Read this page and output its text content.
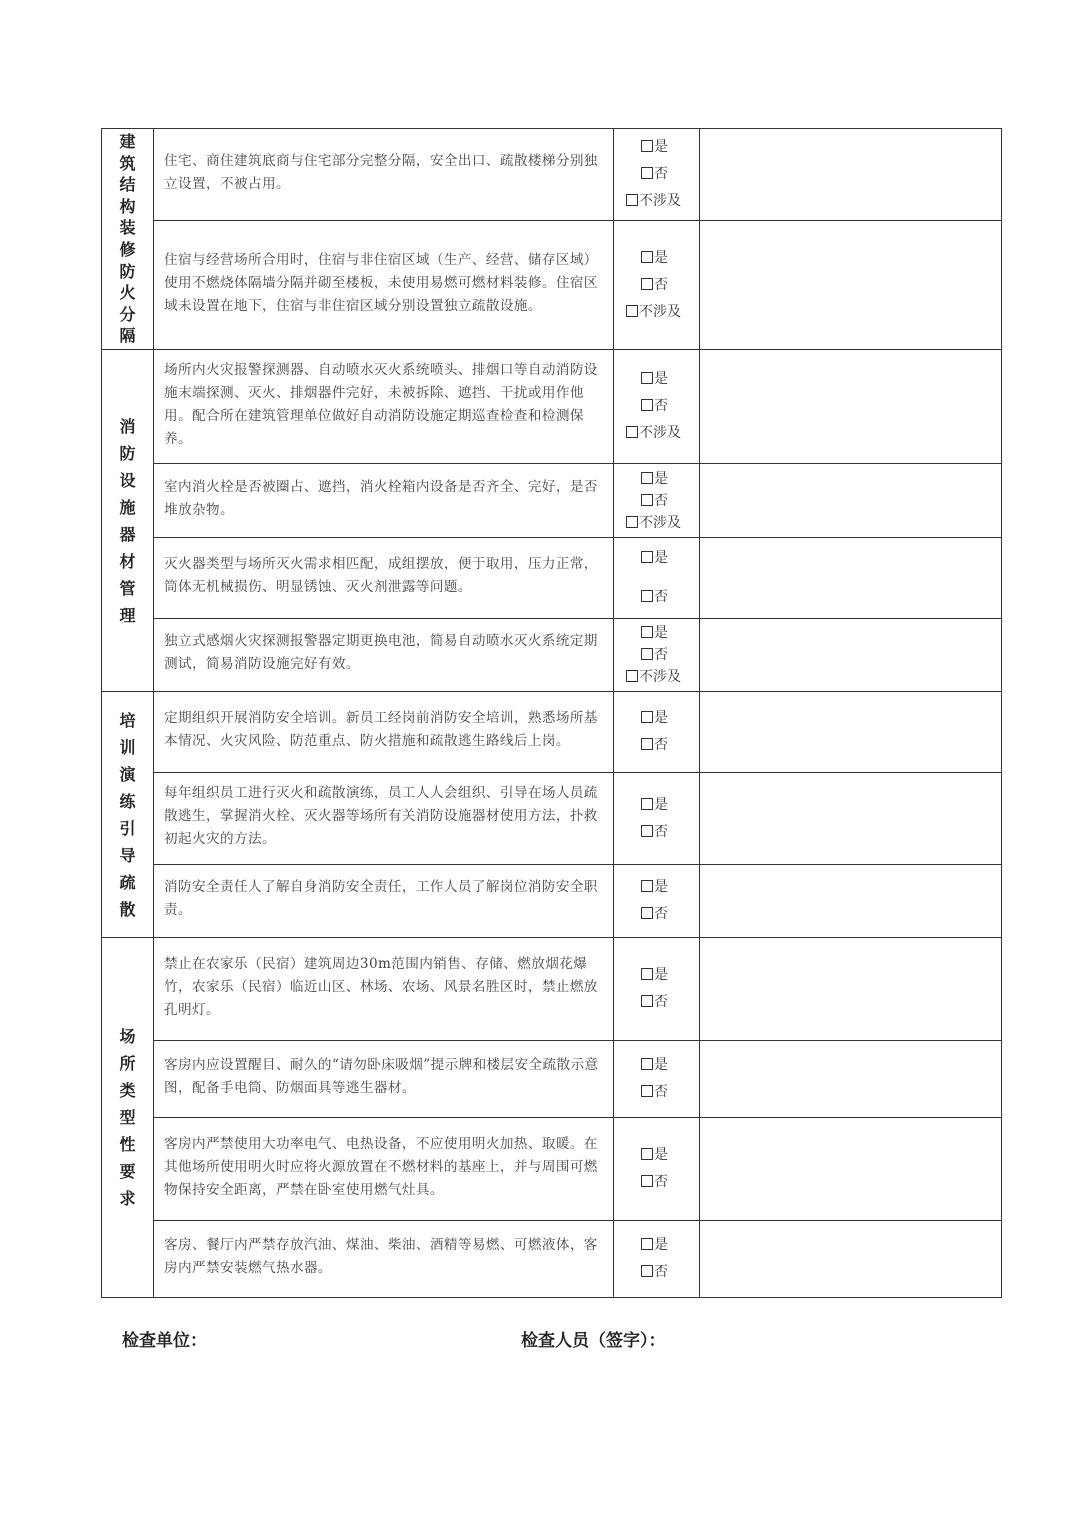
建筑结构装修防火分隔	住宅、商住建筑底商与住宅部分完整分隔，安全出口、疏散楼梯分别独立设置，不被占用。	是
否
不涉及	

	住宿与经营场所合用时，住宿与非住宿区域（生产、经营、储存区域）使用不燃烧体隔墙分隔并砌至楼板，未使用易燃可燃材料装修。住宿区域未设置在地下，住宿与非住宿区域分别设置独立疏散设施。	是
否
不涉及	

消防设施器材管理	场所内火灾报警探测器、自动喷水灭火系统喷头、排烟口等自动消防设施末端探测、灭火、排烟器件完好，未被拆除、遮挡、干扰或用作他用。配合所在建筑管理单位做好自动消防设施定期巡查检查和检测保养。	是
否
不涉及	

	室内消火栓是否被圈占、遮挡，消火栓箱内设备是否齐全、完好，是否堆放杂物。	是
否
不涉及	

	灭火器类型与场所灭火需求相匹配，成组摆放，便于取用，压力正常，筒体无机械损伤、明显锈蚀、灭火剂泄露等问题。	是
否	

	独立式感烟火灾探测报警器定期更换电池，简易自动喷水灭火系统定期测试，简易消防设施完好有效。	是
否
不涉及	

培训演练引导疏散	定期组织开展消防安全培训。新员工经岗前消防安全培训，熟悉场所基本情况、火灾风险、防范重点、防火措施和疏散逃生路线后上岗。	是
否	

	每年组织员工进行灭火和疏散演练，员工人人会组织、引导在场人员疏散逃生，掌握消火栓、灭火器等场所有关消防设施器材使用方法，扑救初起火灾的方法。	是
否	

	消防安全责任人了解自身消防安全责任，工作人员了解岗位消防安全职责。	是
否	

场所类型性要求	禁止在农家乐（民宿）建筑周边30m范围内销售、存储、燃放烟花爆竹，农家乐（民宿）临近山区、林场、农场、风景名胜区时，禁止燃放孔明灯。	是
否	

	客房内应设置醒目、耐久的“请勿卧床吸烟”提示牌和楼层安全疏散示意图，配备手电筒、防烟面具等逃生器材。	是
否	

	客房内严禁使用大功率电气、电热设备，不应使用明火加热、取暖。在其他场所使用明火时应将火源放置在不燃材料的基座上，并与周围可燃物保持安全距离，严禁在卧室使用燃气灶具。	是
否	

	客房、餐厅内严禁存放汽油、煤油、柴油、酒精等易燃、可燃液体，客房内严禁安装燃气热水器。	是
否	

检查单位：	检查人员（签字）：
